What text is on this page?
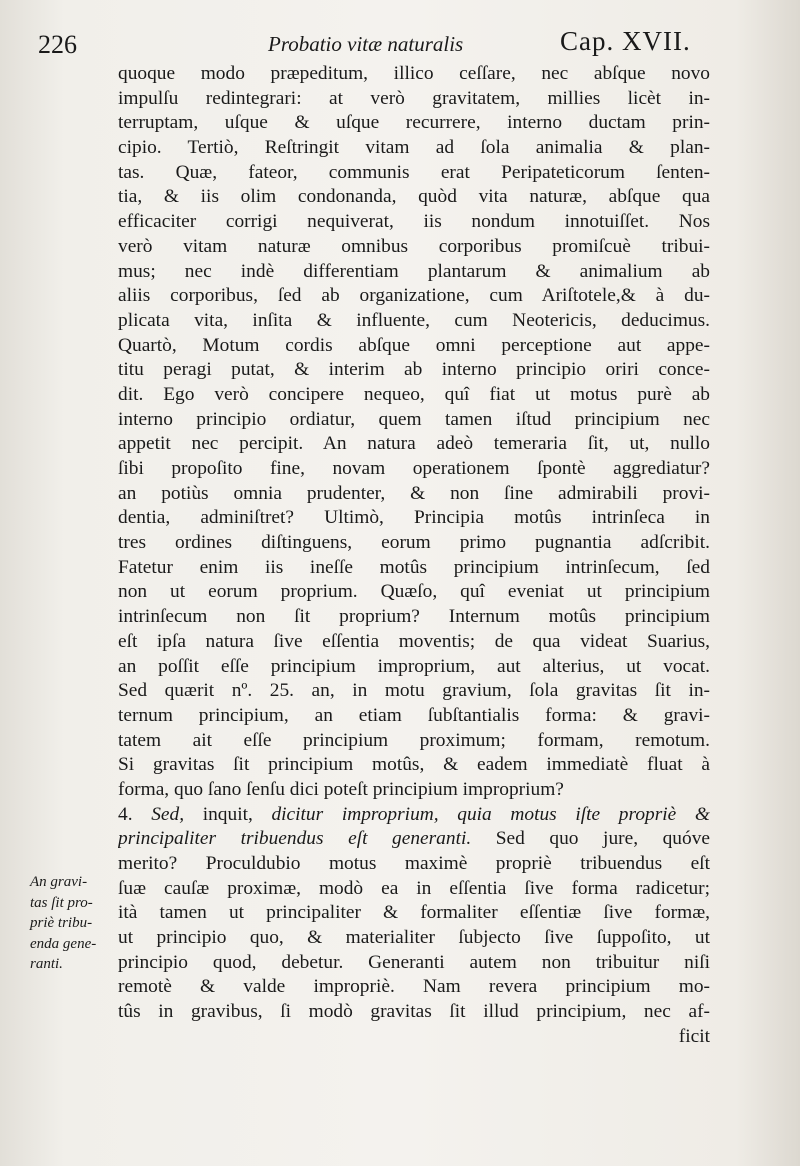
226	Probatio vitæ naturalis	Cap. XVII.
quoque modo præpeditum, illico ceſſare, nec abſque novo
impulſu redintegrari: at verò gravitatem, millies licèt in-
terruptam, uſque & uſque recurrere, interno ductam prin-
cipio. Tertiò, Reſtringit vitam ad ſola animalia & plan-
tas. Quæ, fateor, communis erat Peripateticorum ſenten-
tia, & iis olim condonanda, quòd vita naturæ, abſque qua
efficaciter corrigi nequiverat, iis nondum innotuiſſet. Nos
verò vitam naturæ omnibus corporibus promiſcuè tribui-
mus; nec indè differentiam plantarum & animalium ab
aliis corporibus, ſed ab organizatione, cum Ariſtotele,& à du-
plicata vita, inſita & influente, cum Neotericis, deducimus.
Quartò, Motum cordis abſque omni perceptione aut appe-
titu peragi putat, & interim ab interno principio oriri conce-
dit. Ego verò concipere nequeo, quî fiat ut motus purè ab
interno principio ordiatur, quem tamen iſtud principium nec
appetit nec percipit. An natura adeò temeraria ſit, ut, nullo
ſibi propoſito fine, novam operationem ſpontè aggrediatur?
an potiùs omnia prudenter, & non ſine admirabili provi-
dentia, adminiſtret? Ultimò, Principia motûs intrinſeca in
tres ordines diſtinguens, eorum primo pugnantia adſcribit.
Fatetur enim iis ineſſe motûs principium intrinſecum, ſed
non ut eorum proprium. Quæſo, quî eveniat ut principium
intrinſecum non ſit proprium? Internum motûs principium
eſt ipſa natura ſive eſſentia moventis; de qua videat Suarius,
an poſſit eſſe principium improprium, aut alterius, ut vocat.
Sed quærit nº. 25. an, in motu gravium, ſola gravitas ſit in-
ternum principium, an etiam ſubſtantialis forma: & gravi-
tatem ait eſſe principium proximum; formam, remotum.
Si gravitas ſit principium motûs, & eadem immediatè fluat à
forma, quo ſano ſenſu dici poteſt principium improprium?
4. Sed, inquit, dicitur improprium, quia motus iſte propriè &
principaliter tribuendus eſt generanti. Sed quo jure, quóve
merito? Proculdubio motus maximè propriè tribuendus eſt
ſuæ cauſæ proximæ, modò ea in eſſentia ſive forma radicetur;
ità tamen ut principaliter & formaliter eſſentiæ ſive formæ,
ut principio quo, & materialiter ſubjecto ſive ſuppoſito, ut
principio quod, debetur. Generanti autem non tribuitur niſi
remotè & valde impropriè. Nam revera principium mo-
tûs in gravibus, ſi modò gravitas ſit illud principium, nec af-
ficit
An gravi-
tas ſit pro-
priè tribu-
enda gene-
ranti.
